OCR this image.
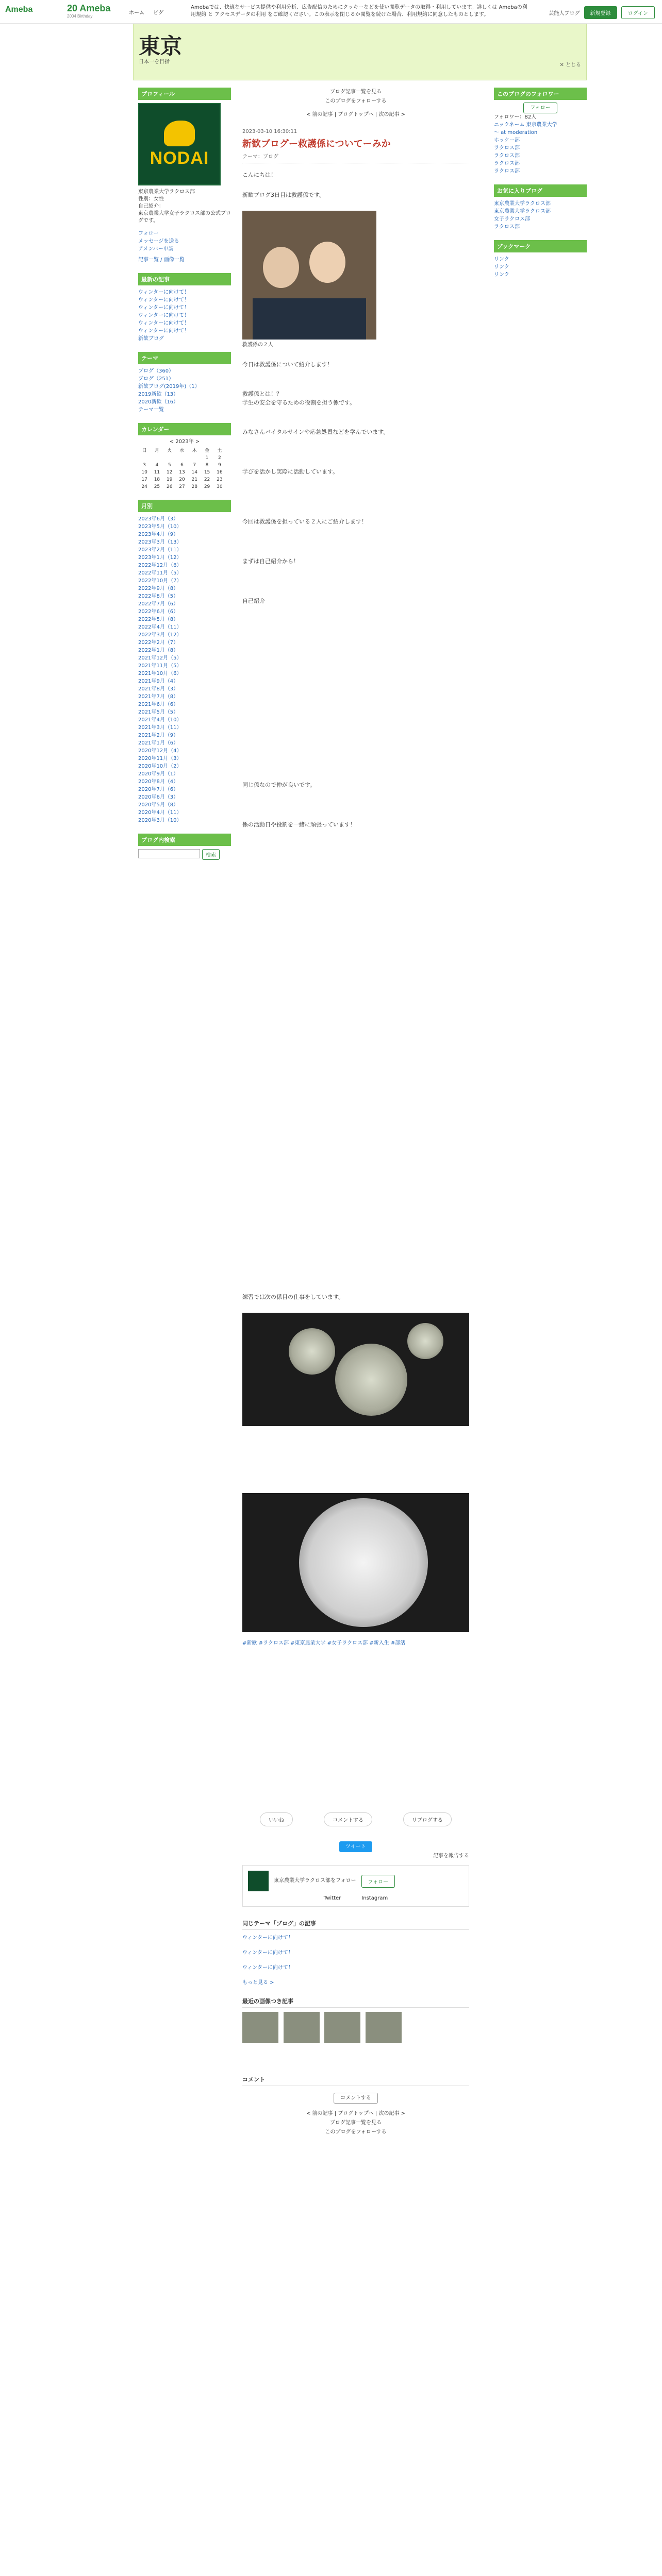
Ameba	20 Ameba
2004 Birthday
ホーム ピグ	芸能人ブログ	新規登録	ログイン
Amebaでは、快適なサービス提供や利用分析、広告配信のためにクッキーなどを使い閲覧データの取得・利用しています。詳しくは Amebaの利用規約 と アクセスデータの利用 をご確認ください。この表示を閉じるか閲覧を続けた場合、利用規約に同意したものとします。
東京
日本一を目指
✕ とじる
プロフィール
NODAI
東京農業大学ラクロス部
性別：女性
自己紹介：
東京農業大学女子ラクロス部の公式ブログです。
フォロー
メッセージを送る
アメンバー申請
記事一覧 / 画像一覧
最新の記事
ウィンターに向けて！
ウィンターに向けて！
ウィンターに向けて！
ウィンターに向けて！
ウィンターに向けて！
ウィンターに向けて！
新歓ブログ
テーマ
ブログ（360）
ブログ（251）
新歓ブログ(2019年)（1）
2019新歓（13）
2020新歓（16）
テーマ一覧
カレンダー
< 2023年 >
日	月	火	水	木	金	土
					1	2
3	4	5	6	7	8	9
10	11	12	13	14	15	16
17	18	19	20	21	22	23
24	25	26	27	28	29	30
月別
2023年6月（3）
2023年5月（10）
2023年4月（9）
2023年3月（13）
2023年2月（11）
2023年1月（12）
2022年12月（6）
2022年11月（5）
2022年10月（7）
2022年9月（8）
2022年8月（5）
2022年7月（6）
2022年6月（6）
2022年5月（8）
2022年4月（11）
2022年3月（12）
2022年2月（7）
2022年1月（8）
2021年12月（5）
2021年11月（5）
2021年10月（6）
2021年9月（4）
2021年8月（3）
2021年7月（8）
2021年6月（6）
2021年5月（5）
2021年4月（10）
2021年3月（11）
2021年2月（9）
2021年1月（6）
2020年12月（4）
2020年11月（3）
2020年10月（2）
2020年9月（1）
2020年8月（4）
2020年7月（6）
2020年6月（3）
2020年5月（8）
2020年4月（11）
2020年3月（10）
ブログ内検索
検索
ブログ記事一覧を見る
このブログをフォローする
< 前の記事 | ブログトップへ | 次の記事 >
2023-03-10 16:30:11
新歓ブログー救護係についてーみか
テーマ：ブログ
こんにちは！
新歓ブログ3日目は救護係です。
救護係の２人
今日は救護係について紹介します！
救護係とは！？
学生の安全を守るための役割を担う係です。
みなさんバイタルサインや応急処置などを学んでいます。
学びを活かし実際に活動しています。
今回は救護係を担っている２人にご紹介します！
まずは自己紹介から！
自己紹介
同じ係なので仲が良いです。
係の活動日や役割を一緒に頑張っています！
練習では次の係目の仕事をしています。
#新歓 #ラクロス部 #東京農業大学 #女子ラクロス部 #新入生 #部活
いいね	コメントする	リブログする
ツイート
記事を報告する
東京農業大学ラクロス部をフォロー	フォロー
Twitter	Instagram
同じテーマ「ブログ」の記事
ウィンターに向けて！
ウィンターに向けて！
ウィンターに向けて！
もっと見る >
最近の画像つき記事

コメント
コメントする
< 前の記事 | ブログトップへ | 次の記事 >
ブログ記事一覧を見る
このブログをフォローする
このブログのフォロワー
フォロー
フォロワー：82人
ニックネーム 東京農業大学
〜 at moderation
ホッケー部
ラクロス部
ラクロス部
ラクロス部
ラクロス部
お気に入りブログ
東京農業大学ラクロス部
東京農業大学ラクロス部
女子ラクロス部
ラクロス部
ブックマーク
リンク
リンク
リンク
